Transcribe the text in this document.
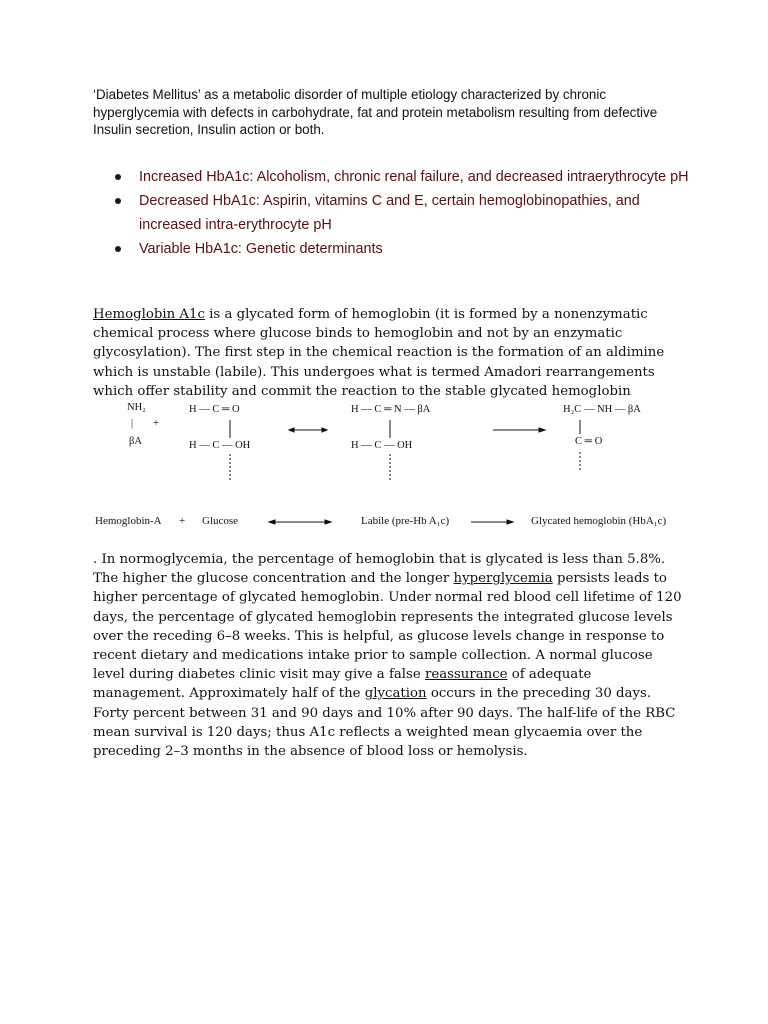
‘Diabetes Mellitus’ as a metabolic disorder of multiple etiology characterized by chronic hyperglycemia with defects in carbohydrate, fat and protein metabolism resulting from defective Insulin secretion, Insulin action or both.
Increased HbA1c: Alcoholism, chronic renal failure, and decreased intraerythrocyte pH
Decreased HbA1c: Aspirin, vitamins C and E, certain hemoglobinopathies, and increased intra-erythrocyte pH
Variable HbA1c: Genetic determinants
Hemoglobin A1c is a glycated form of hemoglobin (it is formed by a nonenzymatic chemical process where glucose binds to hemoglobin and not by an enzymatic glycosylation). The first step in the chemical reaction is the formation of an aldimine which is unstable (labile). This undergoes what is termed Amadori rearrangements which offer stability and commit the reaction to the stable glycated hemoglobin
NH₂
| +
βA
H — C ═ O
H — C — OH
H — C ═ N — βA
H — C — OH
H₂C — NH — βA
C ═ O
Hemoglobin-A + Glucose	Labile (pre-Hb A₁c)	Glycated hemoglobin (HbA₁c)
. In normoglycemia, the percentage of hemoglobin that is glycated is less than 5.8%. The higher the glucose concentration and the longer hyperglycemia persists leads to higher percentage of glycated hemoglobin. Under normal red blood cell lifetime of 120 days, the percentage of glycated hemoglobin represents the integrated glucose levels over the receding 6–8 weeks. This is helpful, as glucose levels change in response to recent dietary and medications intake prior to sample collection. A normal glucose level during diabetes clinic visit may give a false reassurance of adequate management. Approximately half of the glycation occurs in the preceding 30 days. Forty percent between 31 and 90 days and 10% after 90 days. The half-life of the RBC mean survival is 120 days; thus A1c reflects a weighted mean glycaemia over the preceding 2–3 months in the absence of blood loss or hemolysis.
